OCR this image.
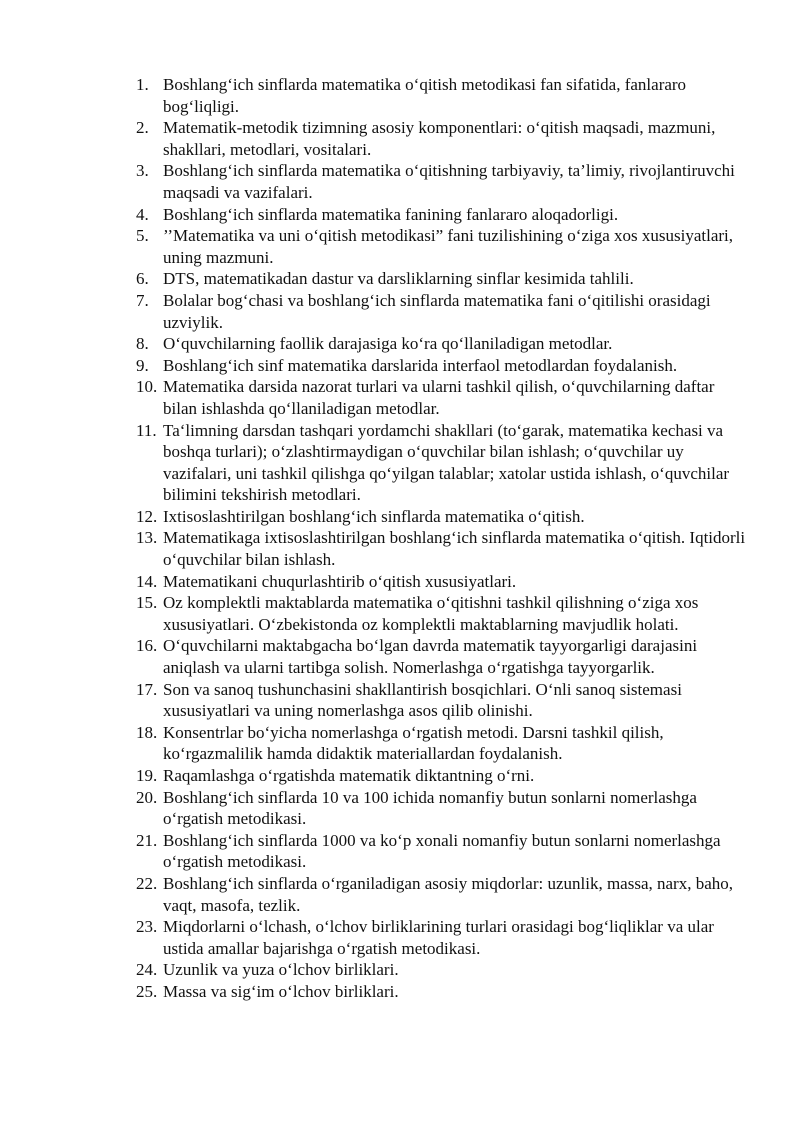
1. Boshlang‘ich sinflarda matematika o‘qitish metodikasi fan sifatida, fanlararo bog‘liqligi.
2. Matematik-metodik tizimning asosiy komponentlari: o‘qitish maqsadi, mazmuni, shakllari, metodlari, vositalari.
3. Boshlang‘ich sinflarda matematika o‘qitishning tarbiyaviy, ta’limiy, rivojlantiruvchi maqsadi va vazifalari.
4. Boshlang‘ich sinflarda matematika fanining fanlararo aloqadorligi.
5. ’’Matematika va uni o‘qitish metodikasi” fani tuzilishining o‘ziga xos xususiyatlari, uning mazmuni.
6. DTS, matematikadan dastur va darsliklarning sinflar kesimida tahlili.
7. Bolalar bog‘chasi va boshlang‘ich sinflarda matematika fani o‘qitilishi orasidagi uzviylik.
8. O‘quvchilarning faollik darajasiga ko‘ra qo‘llaniladigan metodlar.
9. Boshlang‘ich sinf matematika darslarida interfaol metodlardan foydalanish.
10. Matematika darsida nazorat turlari va ularni tashkil qilish, o‘quvchilarning daftar bilan ishlashda qo‘llaniladigan metodlar.
11. Ta‘limning darsdan tashqari yordamchi shakllari (to‘garak, matematika kechasi va boshqa turlari); o‘zlashtirmaydigan o‘quvchilar bilan ishlash; o‘quvchilar uy vazifalari, uni tashkil qilishga qo‘yilgan talablar; xatolar ustida ishlash, o‘quvchilar bilimini tekshirish metodlari.
12. Ixtisoslashtirilgan boshlang‘ich sinflarda matematika o‘qitish.
13. Matematikaga ixtisoslashtirilgan boshlang‘ich sinflarda matematika o‘qitish. Iqtidorli o‘quvchilar bilan ishlash.
14. Matematikani chuqurlashtirib o‘qitish xususiyatlari.
15. Oz komplektli maktablarda matematika o‘qitishni tashkil qilishning o‘ziga xos xususiyatlari. O‘zbekistonda oz komplektli maktablarning mavjudlik holati.
16. O‘quvchilarni maktabgacha bo‘lgan davrda matematik tayyorgarligi darajasini aniqlash va ularni tartibga solish. Nomerlashga o‘rgatishga tayyorgarlik.
17. Son va sanoq tushunchasini shakllantirish bosqichlari. O‘nli sanoq sistemasi xususiyatlari va uning nomerlashga asos qilib olinishi.
18. Konsentrlar bo‘yicha nomerlashga o‘rgatish metodi. Darsni tashkil qilish, ko‘rgazmalilik hamda didaktik materiallardan foydalanish.
19. Raqamlashga o‘rgatishda matematik diktantning o‘rni.
20. Boshlang‘ich sinflarda 10 va 100 ichida nomanfiy butun sonlarni nomerlashga o‘rgatish metodikasi.
21. Boshlang‘ich sinflarda 1000 va ko‘p xonali nomanfiy butun sonlarni nomerlashga o‘rgatish metodikasi.
22. Boshlang‘ich sinflarda o‘rganiladigan asosiy miqdorlar: uzunlik, massa, narx, baho, vaqt, masofa, tezlik.
23. Miqdorlarni o‘lchash, o‘lchov birliklarining turlari orasidagi bog‘liqliklar va ular ustida amallar bajarishga o‘rgatish metodikasi.
24. Uzunlik va yuza o‘lchov birliklari.
25. Massa va sig‘im o‘lchov birliklari.
